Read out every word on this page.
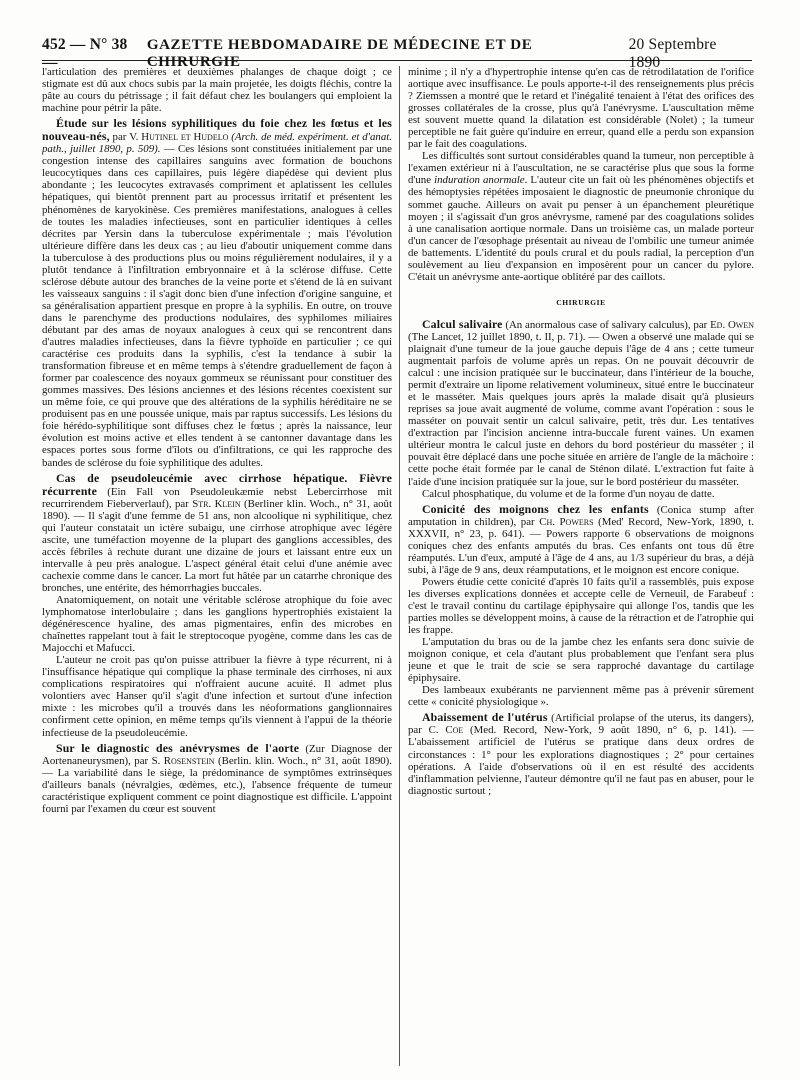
452 — N° 38 —
GAZETTE HEBDOMADAIRE DE MÉDECINE ET DE CHIRURGIE
20 Septembre 1890

l'articulation des premières et deuxièmes phalanges de chaque doigt ; ce stigmate est dû aux chocs subis par la main projetée, les doigts fléchis, contre la pâte au cours du pétrissage ; il fait défaut chez les boulangers qui emploient la machine pour pétrir la pâte.

Étude sur les lésions syphilitiques du foie chez les fœtus et les nouveau-nés, par V. Hutinel et Hudelo (Arch. de méd. expériment. et d'anat. path., juillet 1890, p. 509). — Ces lésions sont constituées initialement par une congestion intense des capillaires sanguins avec formation de bouchons leucocytiques dans ces capillaires, puis légère diapédèse qui devient plus abondante ; les leucocytes extravasés compriment et aplatissent les cellules hépatiques, qui bientôt prennent part au processus irritatif et présentent les phénomènes de karyokinèse. Ces premières manifestations, analogues à celles de toutes les maladies infectieuses, sont en particulier identiques à celles décrites par Yersin dans la tuberculose expérimentale ; mais l'évolution ultérieure diffère dans les deux cas ; au lieu d'aboutir uniquement comme dans la tuberculose à des productions plus ou moins régulièrement nodulaires, il y a plutôt tendance à l'infiltration embryonnaire et à la sclérose diffuse. Cette sclérose débute autour des branches de la veine porte et s'étend de là en suivant les vaisseaux sanguins : il s'agit donc bien d'une infection d'origine sanguine, et sa généralisation appartient presque en propre à la syphilis. En outre, on trouve dans le parenchyme des productions nodulaires, des syphilomes miliaires débutant par des amas de noyaux analogues à ceux qui se rencontrent dans d'autres maladies infectieuses, dans la fièvre typhoïde en particulier ; ce qui caractérise ces produits dans la syphilis, c'est la tendance à subir la transformation fibreuse et en même temps à s'étendre graduellement de façon à former par coalescence des noyaux gommeux se réunissant pour constituer des gommes massives. Des lésions anciennes et des lésions récentes coexistent sur un même foie, ce qui prouve que des altérations de la syphilis héréditaire ne se produisent pas en une poussée unique, mais par raptus successifs. Les lésions du foie hérédo-syphilitique sont diffuses chez le fœtus ; après la naissance, leur évolution est moins active et elles tendent à se cantonner davantage dans les espaces portes sous forme d'îlots ou d'infiltrations, ce qui les rapproche des bandes de sclérose du foie syphilitique des adultes.

Cas de pseudoleucémie avec cirrhose hépatique. Fièvre récurrente (Ein Fall von Pseudoleukæmie nebst Lebercirrhose mit recurrirendem Fieberverlauf), par Str. Klein (Berliner klin. Woch., n° 31, août 1890). — Il s'agit d'une femme de 51 ans, non alcoolique ni syphilitique, chez qui l'auteur constatait un ictère subaigu, une cirrhose atrophique avec légère ascite, une tuméfaction moyenne de la plupart des ganglions accessibles, des accès fébriles à rechute durant une dizaine de jours et laissant entre eux un intervalle à peu près analogue. L'aspect général était celui d'une anémie avec cachexie comme dans le cancer. La mort fut hâtée par un catarrhe chronique des bronches, une entérite, des hémorrhagies buccales.

Anatomiquement, on notait une véritable sclérose atrophique du foie avec lymphomatose interlobulaire ; dans les ganglions hypertrophiés existaient la dégénérescence hyaline, des amas pigmentaires, enfin des microbes en chaînettes rappelant tout à fait le streptocoque pyogène, comme dans les cas de Majocchi et Mafucci.

L'auteur ne croit pas qu'on puisse attribuer la fièvre à type récurrent, ni à l'insuffisance hépatique qui complique la phase terminale des cirrhoses, ni aux complications respiratoires qui n'offraient aucune acuité. Il admet plus volontiers avec Hanser qu'il s'agit d'une infection et surtout d'une infection mixte : les microbes qu'il a trouvés dans les néoformations ganglionnaires confirment cette opinion, en même temps qu'ils viennent à l'appui de la théorie infectieuse de la pseudoleucémie.

Sur le diagnostic des anévrysmes de l'aorte (Zur Diagnose der Aortenaneurysmen), par S. Rosenstein (Berlin. klin. Woch., n° 31, août 1890). — La variabilité dans le siège, la prédominance de symptômes extrinsèques d'ailleurs banals (névralgies, œdèmes, etc.), l'absence fréquente de tumeur caractéristique expliquent comment ce point diagnostique est difficile. L'appoint fourni par l'examen du cœur est souvent

minime ; il n'y a d'hypertrophie intense qu'en cas de rétrodilatation de l'orifice aortique avec insuffisance. Le pouls apporte-t-il des renseignements plus précis ? Ziemssen a montré que le retard et l'inégalité tenaient à l'état des orifices des grosses collatérales de la crosse, plus qu'à l'anévrysme. L'auscultation même est souvent muette quand la dilatation est considérable (Nolet) ; la tumeur perceptible ne fait guère qu'induire en erreur, quand elle a perdu son expansion par le fait des coagulations.

Les difficultés sont surtout considérables quand la tumeur, non perceptible à l'examen extérieur ni à l'auscultation, ne se caractérise plus que sous la forme d'une induration anormale. L'auteur cite un fait où les phénomènes objectifs et des hémoptysies répétées imposaient le diagnostic de pneumonie chronique du sommet gauche. Ailleurs on avait pu penser à un épanchement pleurétique moyen ; il s'agissait d'un gros anévrysme, ramené par des coagulations solides à une canalisation aortique normale. Dans un troisième cas, un malade porteur d'un cancer de l'œsophage présentait au niveau de l'ombilic une tumeur animée de battements. L'identité du pouls crural et du pouls radial, la perception d'un soulèvement au lieu d'expansion en imposèrent pour un cancer du pylore. C'était un anévrysme ante-aortique oblitéré par des caillots.

CHIRURGIE

Calcul salivaire (An anormalous case of salivary calculus), par Ed. Owen (The Lancet, 12 juillet 1890, t. II, p. 71). — Owen a observé une malade qui se plaignait d'une tumeur de la joue gauche depuis l'âge de 4 ans ; cette tumeur augmentait parfois de volume après un repas. On ne pouvait découvrir de calcul : une incision pratiquée sur le buccinateur, dans l'intérieur de la bouche, permit d'extraire un lipome relativement volumineux, situé entre le buccinateur et le masséter. Mais quelques jours après la malade disait qu'à plusieurs reprises sa joue avait augmenté de volume, comme avant l'opération : sous le masséter on pouvait sentir un calcul salivaire, petit, très dur. Les tentatives d'extraction par l'incision ancienne intra-buccale furent vaines. Un examen ultérieur montra le calcul juste en dehors du bord postérieur du masséter ; il pouvait être déplacé dans une poche située en arrière de l'angle de la mâchoire : cette poche était formée par le canal de Sténon dilaté. L'extraction fut faite à l'aide d'une incision pratiquée sur la joue, sur le bord postérieur du masséter.

Calcul phosphatique, du volume et de la forme d'un noyau de datte.

Conicité des moignons chez les enfants (Conica stump after amputation in children), par Ch. Powers (Med' Record, New-York, 1890, t. XXXVII, n° 23, p. 641). — Powers rapporte 6 observations de moignons coniques chez des enfants amputés du bras. Ces enfants ont tous dû être réamputés. L'un d'eux, amputé à l'âge de 4 ans, au 1/3 supérieur du bras, a déjà subi, à l'âge de 9 ans, deux réamputations, et le moignon est encore conique.

Powers étudie cette conicité d'après 10 faits qu'il a rassemblés, puis expose les diverses explications données et accepte celle de Verneuil, de Farabeuf : c'est le travail continu du cartilage épiphysaire qui allonge l'os, tandis que les parties molles se développent moins, à cause de la rétraction et de l'atrophie qui les frappe.

L'amputation du bras ou de la jambe chez les enfants sera donc suivie de moignon conique, et cela d'autant plus probablement que l'enfant sera plus jeune et que le trait de scie se sera rapproché davantage du cartilage épiphysaire.

Des lambeaux exubérants ne parviennent même pas à prévenir sûrement cette « conicité physiologique ».

Abaissement de l'utérus (Artificial prolapse of the uterus, its dangers), par C. Coe (Med. Record, New-York, 9 août 1890, n° 6, p. 141). — L'abaissement artificiel de l'utérus se pratique dans deux ordres de circonstances : 1° pour les explorations diagnostiques ; 2° pour certaines opérations. A l'aide d'observations où il en est résulté des accidents d'inflammation pelvienne, l'auteur démontre qu'il ne faut pas en abuser, pour le diagnostic surtout ;
